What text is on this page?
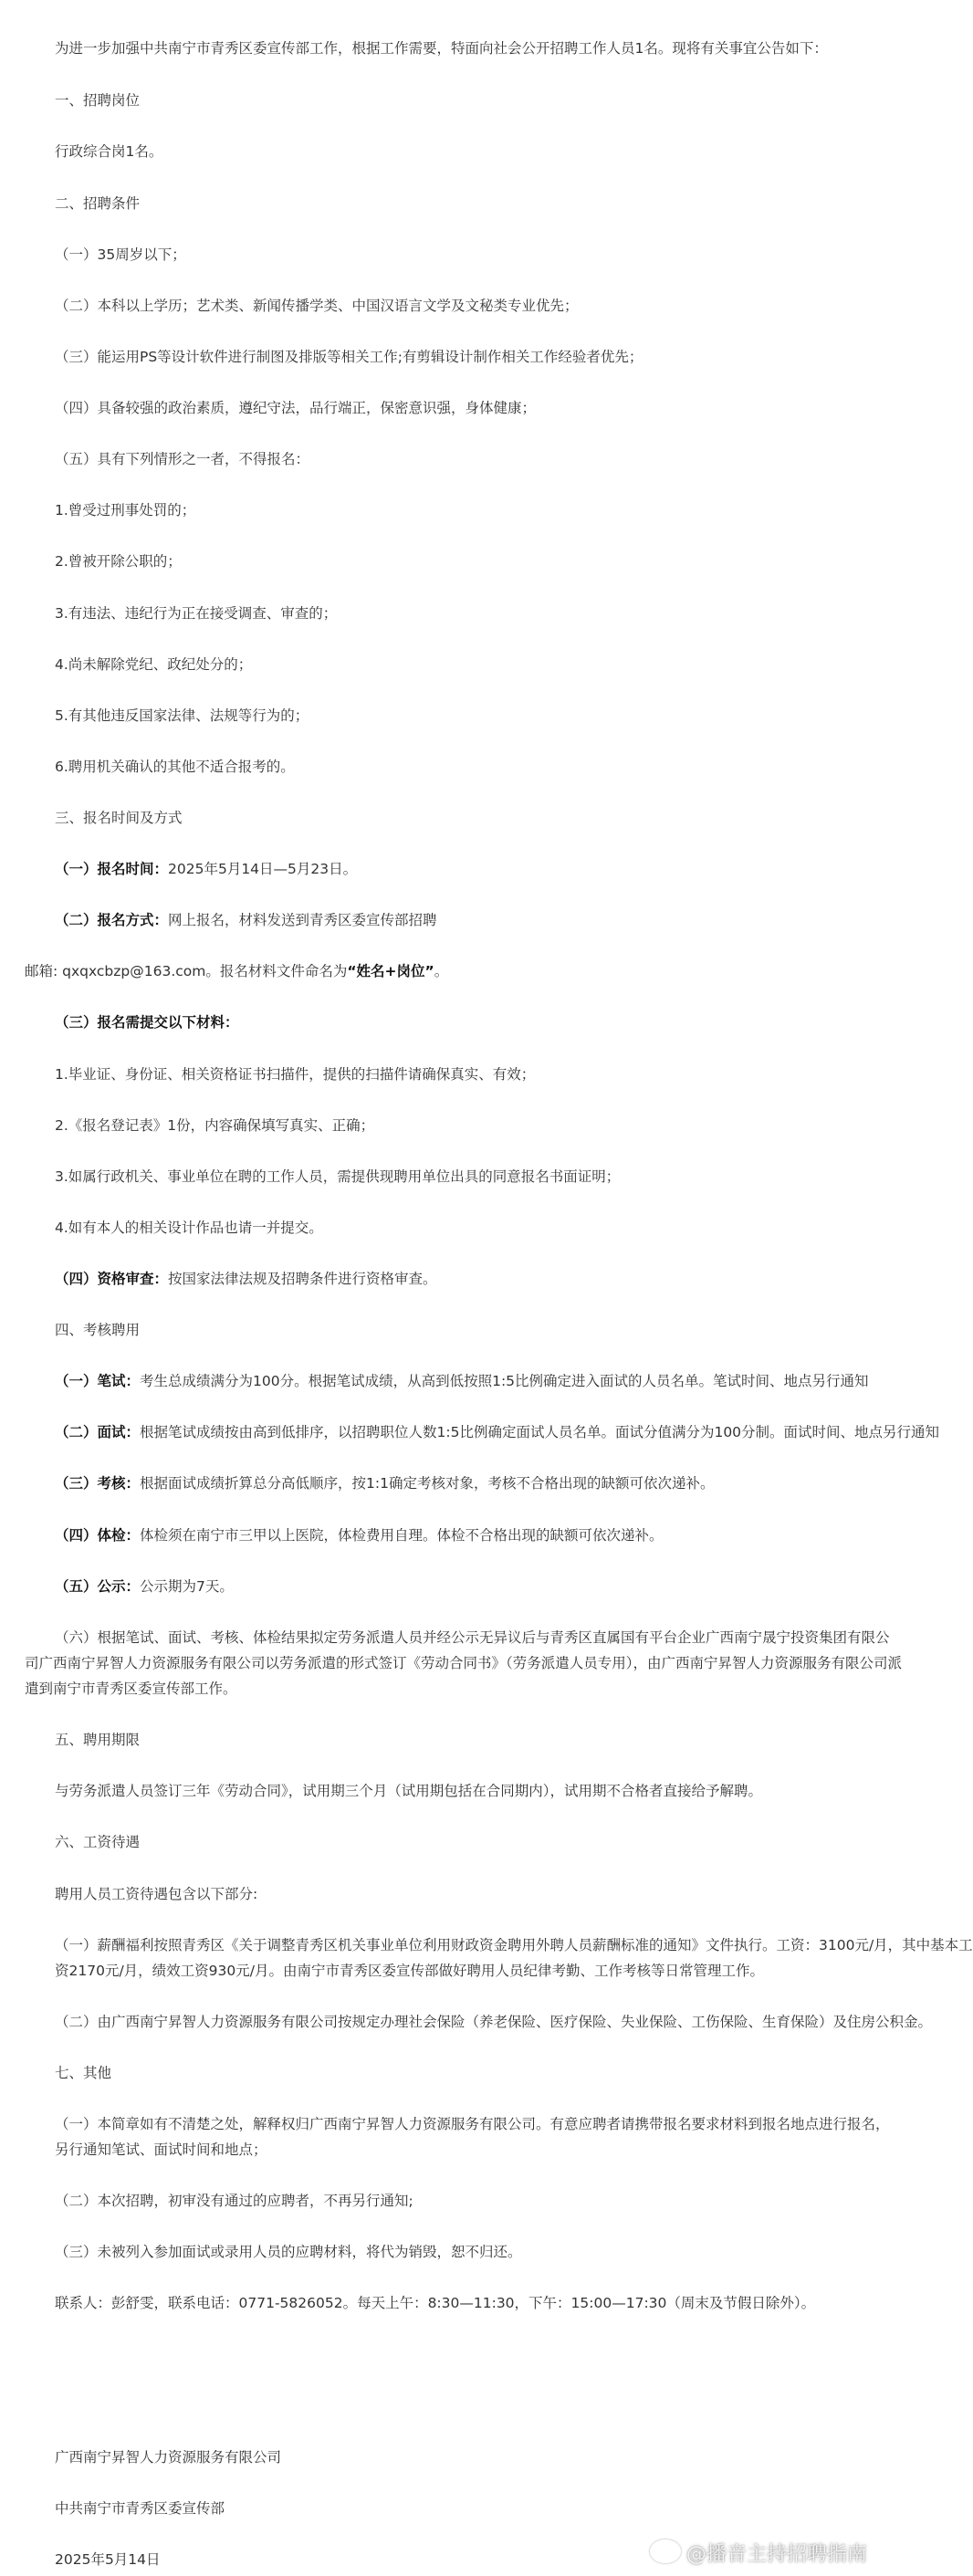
为进一步加强中共南宁市青秀区委宣传部工作，根据工作需要，特面向社会公开招聘工作人员1名。现将有关事宜公告如下：
一、招聘岗位
行政综合岗1名。
二、招聘条件
（一）35周岁以下；
（二）本科以上学历；艺术类、新闻传播学类、中国汉语言文学及文秘类专业优先；
（三）能运用PS等设计软件进行制图及排版等相关工作;有剪辑设计制作相关工作经验者优先；
（四）具备较强的政治素质，遵纪守法，品行端正，保密意识强，身体健康；
（五）具有下列情形之一者，不得报名：
1.曾受过刑事处罚的；
2.曾被开除公职的；
3.有违法、违纪行为正在接受调查、审查的；
4.尚未解除党纪、政纪处分的；
5.有其他违反国家法律、法规等行为的；
6.聘用机关确认的其他不适合报考的。
三、报名时间及方式
（一）报名时间：2025年5月14日—5月23日。
（二）报名方式：网上报名，材料发送到青秀区委宣传部招聘
邮箱: qxqxcbzp@163.com。报名材料文件命名为“姓名+岗位”。
（三）报名需提交以下材料：
1.毕业证、身份证、相关资格证书扫描件，提供的扫描件请确保真实、有效；
2.《报名登记表》1份，内容确保填写真实、正确；
3.如属行政机关、事业单位在聘的工作人员，需提供现聘用单位出具的同意报名书面证明；
4.如有本人的相关设计作品也请一并提交。
（四）资格审查：按国家法律法规及招聘条件进行资格审查。
四、考核聘用
（一）笔试：考生总成绩满分为100分。根据笔试成绩，从高到低按照1:5比例确定进入面试的人员名单。笔试时间、地点另行通知
（二）面试：根据笔试成绩按由高到低排序，以招聘职位人数1:5比例确定面试人员名单。面试分值满分为100分制。面试时间、地点另行通知
（三）考核：根据面试成绩折算总分高低顺序，按1:1确定考核对象，考核不合格出现的缺额可依次递补。
（四）体检：体检须在南宁市三甲以上医院，体检费用自理。体检不合格出现的缺额可依次递补。
（五）公示：公示期为7天。
（六）根据笔试、面试、考核、体检结果拟定劳务派遣人员并经公示无异议后与青秀区直属国有平台企业广西南宁晟宁投资集团有限公
司广西南宁昇智人力资源服务有限公司以劳务派遣的形式签订《劳动合同书》（劳务派遣人员专用），由广西南宁昇智人力资源服务有限公司派
遣到南宁市青秀区委宣传部工作。
五、聘用期限
与劳务派遣人员签订三年《劳动合同》，试用期三个月（试用期包括在合同期内），试用期不合格者直接给予解聘。
六、工资待遇
聘用人员工资待遇包含以下部分:
（一）薪酬福利按照青秀区《关于调整青秀区机关事业单位利用财政资金聘用外聘人员薪酬标准的通知》文件执行。工资：3100元/月，其中基本工
资2170元/月，绩效工资930元/月。由南宁市青秀区委宣传部做好聘用人员纪律考勤、工作考核等日常管理工作。
（二）由广西南宁昇智人力资源服务有限公司按规定办理社会保险（养老保险、医疗保险、失业保险、工伤保险、生育保险）及住房公积金。
七、其他
（一）本简章如有不清楚之处，解释权归广西南宁昇智人力资源服务有限公司。有意应聘者请携带报名要求材料到报名地点进行报名，
另行通知笔试、面试时间和地点；
（二）本次招聘，初审没有通过的应聘者，不再另行通知;
（三）未被列入参加面试或录用人员的应聘材料，将代为销毁，恕不归还。
联系人：彭舒雯，联系电话：0771-5826052。每天上午：8:30—11:30，下午：15:00—17:30（周末及节假日除外）。
广西南宁昇智人力资源服务有限公司
中共南宁市青秀区委宣传部
2025年5月14日	@播音主持招聘指南
